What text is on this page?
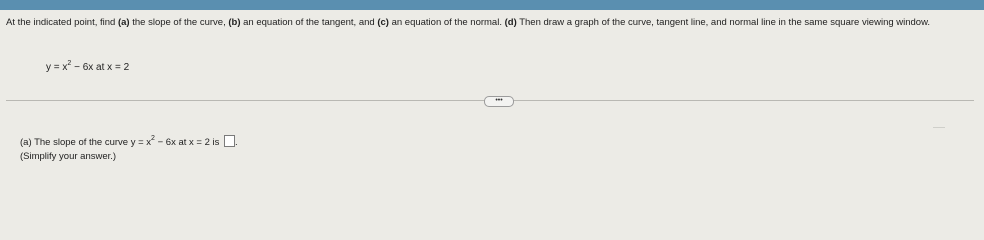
At the indicated point, find (a) the slope of the curve, (b) an equation of the tangent, and (c) an equation of the normal. (d) Then draw a graph of the curve, tangent line, and normal line in the same square viewing window.
$y = x^2 - 6x$ at x = 2
•••
(a) The slope of the curve $y = x^2 - 6x$ at x = 2 is .
(Simplify your answer.)
